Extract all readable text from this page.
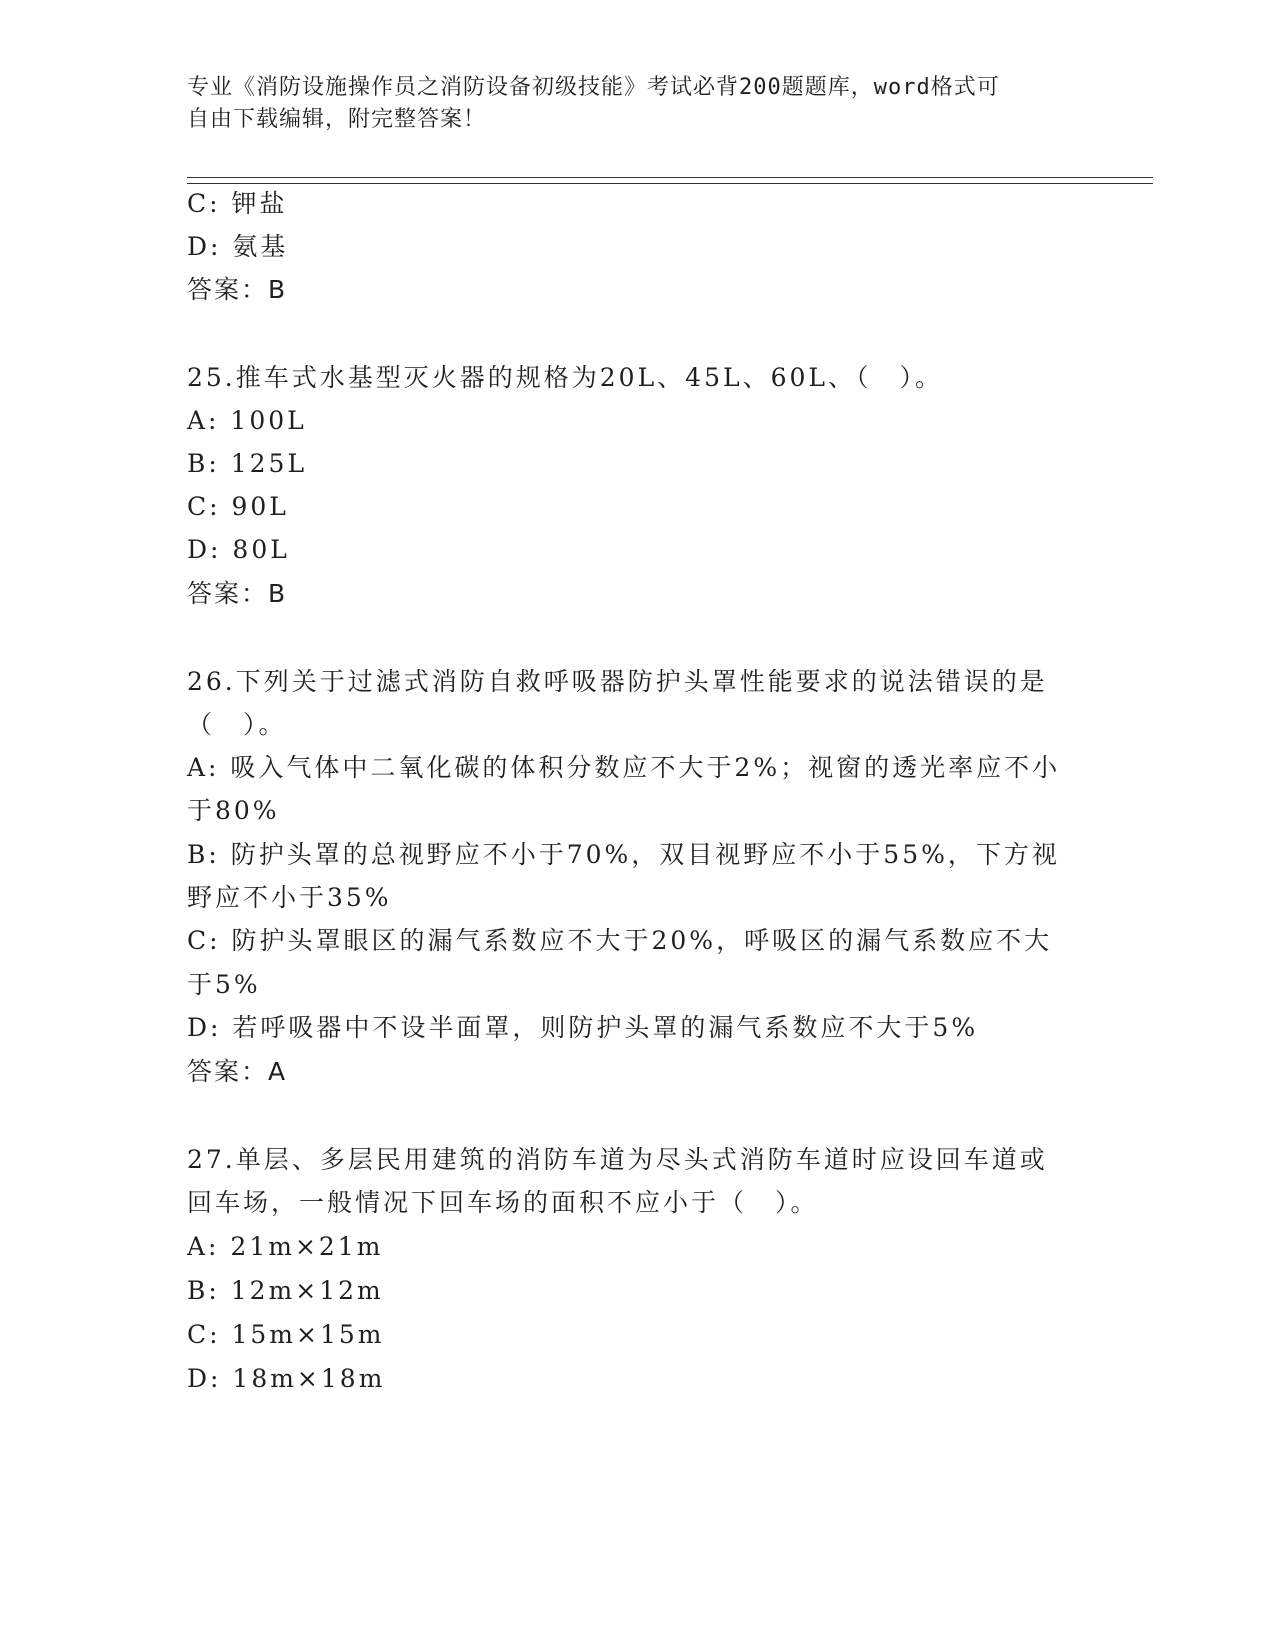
专业《消防设施操作员之消防设备初级技能》考试必背200题题库，word格式可
自由下载编辑，附完整答案！
C: 钾盐
D: 氨基
答案：B
25.推车式水基型灭火器的规格为20L、45L、60L、（　）。
A: 100L
B: 125L
C: 90L
D: 80L
答案：B
26.下列关于过滤式消防自救呼吸器防护头罩性能要求的说法错误的是
（　）。
A: 吸入气体中二氧化碳的体积分数应不大于2%；视窗的透光率应不小
于80%
B: 防护头罩的总视野应不小于70%，双目视野应不小于55%，下方视
野应不小于35%
C: 防护头罩眼区的漏气系数应不大于20%，呼吸区的漏气系数应不大
于5%
D: 若呼吸器中不设半面罩，则防护头罩的漏气系数应不大于5%
答案：A
27.单层、多层民用建筑的消防车道为尽头式消防车道时应设回车道或
回车场，一般情况下回车场的面积不应小于（　）。
A: 21m×21m
B: 12m×12m
C: 15m×15m
D: 18m×18m
